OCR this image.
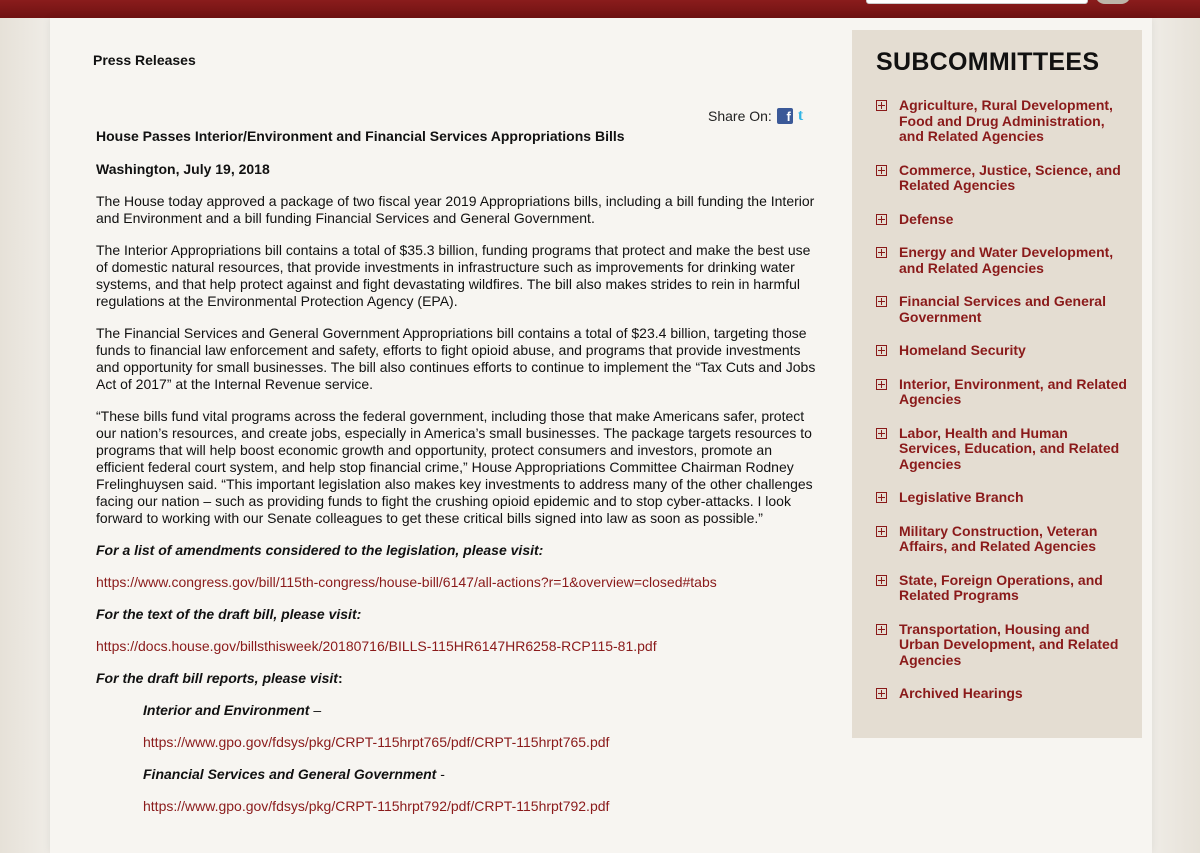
Press Releases
Share On:	f t

House Passes Interior/Environment and Financial Services Appropriations Bills

Washington, July 19, 2018

The House today approved a package of two fiscal year 2019 Appropriations bills, including a bill funding the Interior and Environment and a bill funding Financial Services and General Government.

The Interior Appropriations bill contains a total of $35.3 billion, funding programs that protect and make the best use of domestic natural resources, that provide investments in infrastructure such as improvements for drinking water systems, and that help protect against and fight devastating wildfires. The bill also makes strides to rein in harmful regulations at the Environmental Protection Agency (EPA).

The Financial Services and General Government Appropriations bill contains a total of $23.4 billion, targeting those funds to financial law enforcement and safety, efforts to fight opioid abuse, and programs that provide investments and opportunity for small businesses. The bill also continues efforts to continue to implement the “Tax Cuts and Jobs Act of 2017” at the Internal Revenue service.

“These bills fund vital programs across the federal government, including those that make Americans safer, protect our nation’s resources, and create jobs, especially in America’s small businesses. The package targets resources to programs that will help boost economic growth and opportunity, protect consumers and investors, promote an efficient federal court system, and help stop financial crime,” House Appropriations Committee Chairman Rodney Frelinghuysen said. “This important legislation also makes key investments to address many of the other challenges facing our nation – such as providing funds to fight the crushing opioid epidemic and to stop cyber-attacks. I look forward to working with our Senate colleagues to get these critical bills signed into law as soon as possible.”

For a list of amendments considered to the legislation, please visit:

https://www.congress.gov/bill/115th-congress/house-bill/6147/all-actions?r=1&overview=closed#tabs

For the text of the draft bill, please visit:

https://docs.house.gov/billsthisweek/20180716/BILLS-115HR6147HR6258-RCP115-81.pdf

For the draft bill reports, please visit:

Interior and Environment –

https://www.gpo.gov/fdsys/pkg/CRPT-115hrpt765/pdf/CRPT-115hrpt765.pdf

Financial Services and General Government -

https://www.gpo.gov/fdsys/pkg/CRPT-115hrpt792/pdf/CRPT-115hrpt792.pdf

SUBCOMMITTEES
Agriculture, Rural Development, Food and Drug Administration, and Related Agencies
Commerce, Justice, Science, and Related Agencies
Defense
Energy and Water Development, and Related Agencies
Financial Services and General Government
Homeland Security
Interior, Environment, and Related Agencies
Labor, Health and Human Services, Education, and Related Agencies
Legislative Branch
Military Construction, Veteran Affairs, and Related Agencies
State, Foreign Operations, and Related Programs
Transportation, Housing and Urban Development, and Related Agencies
Archived Hearings
